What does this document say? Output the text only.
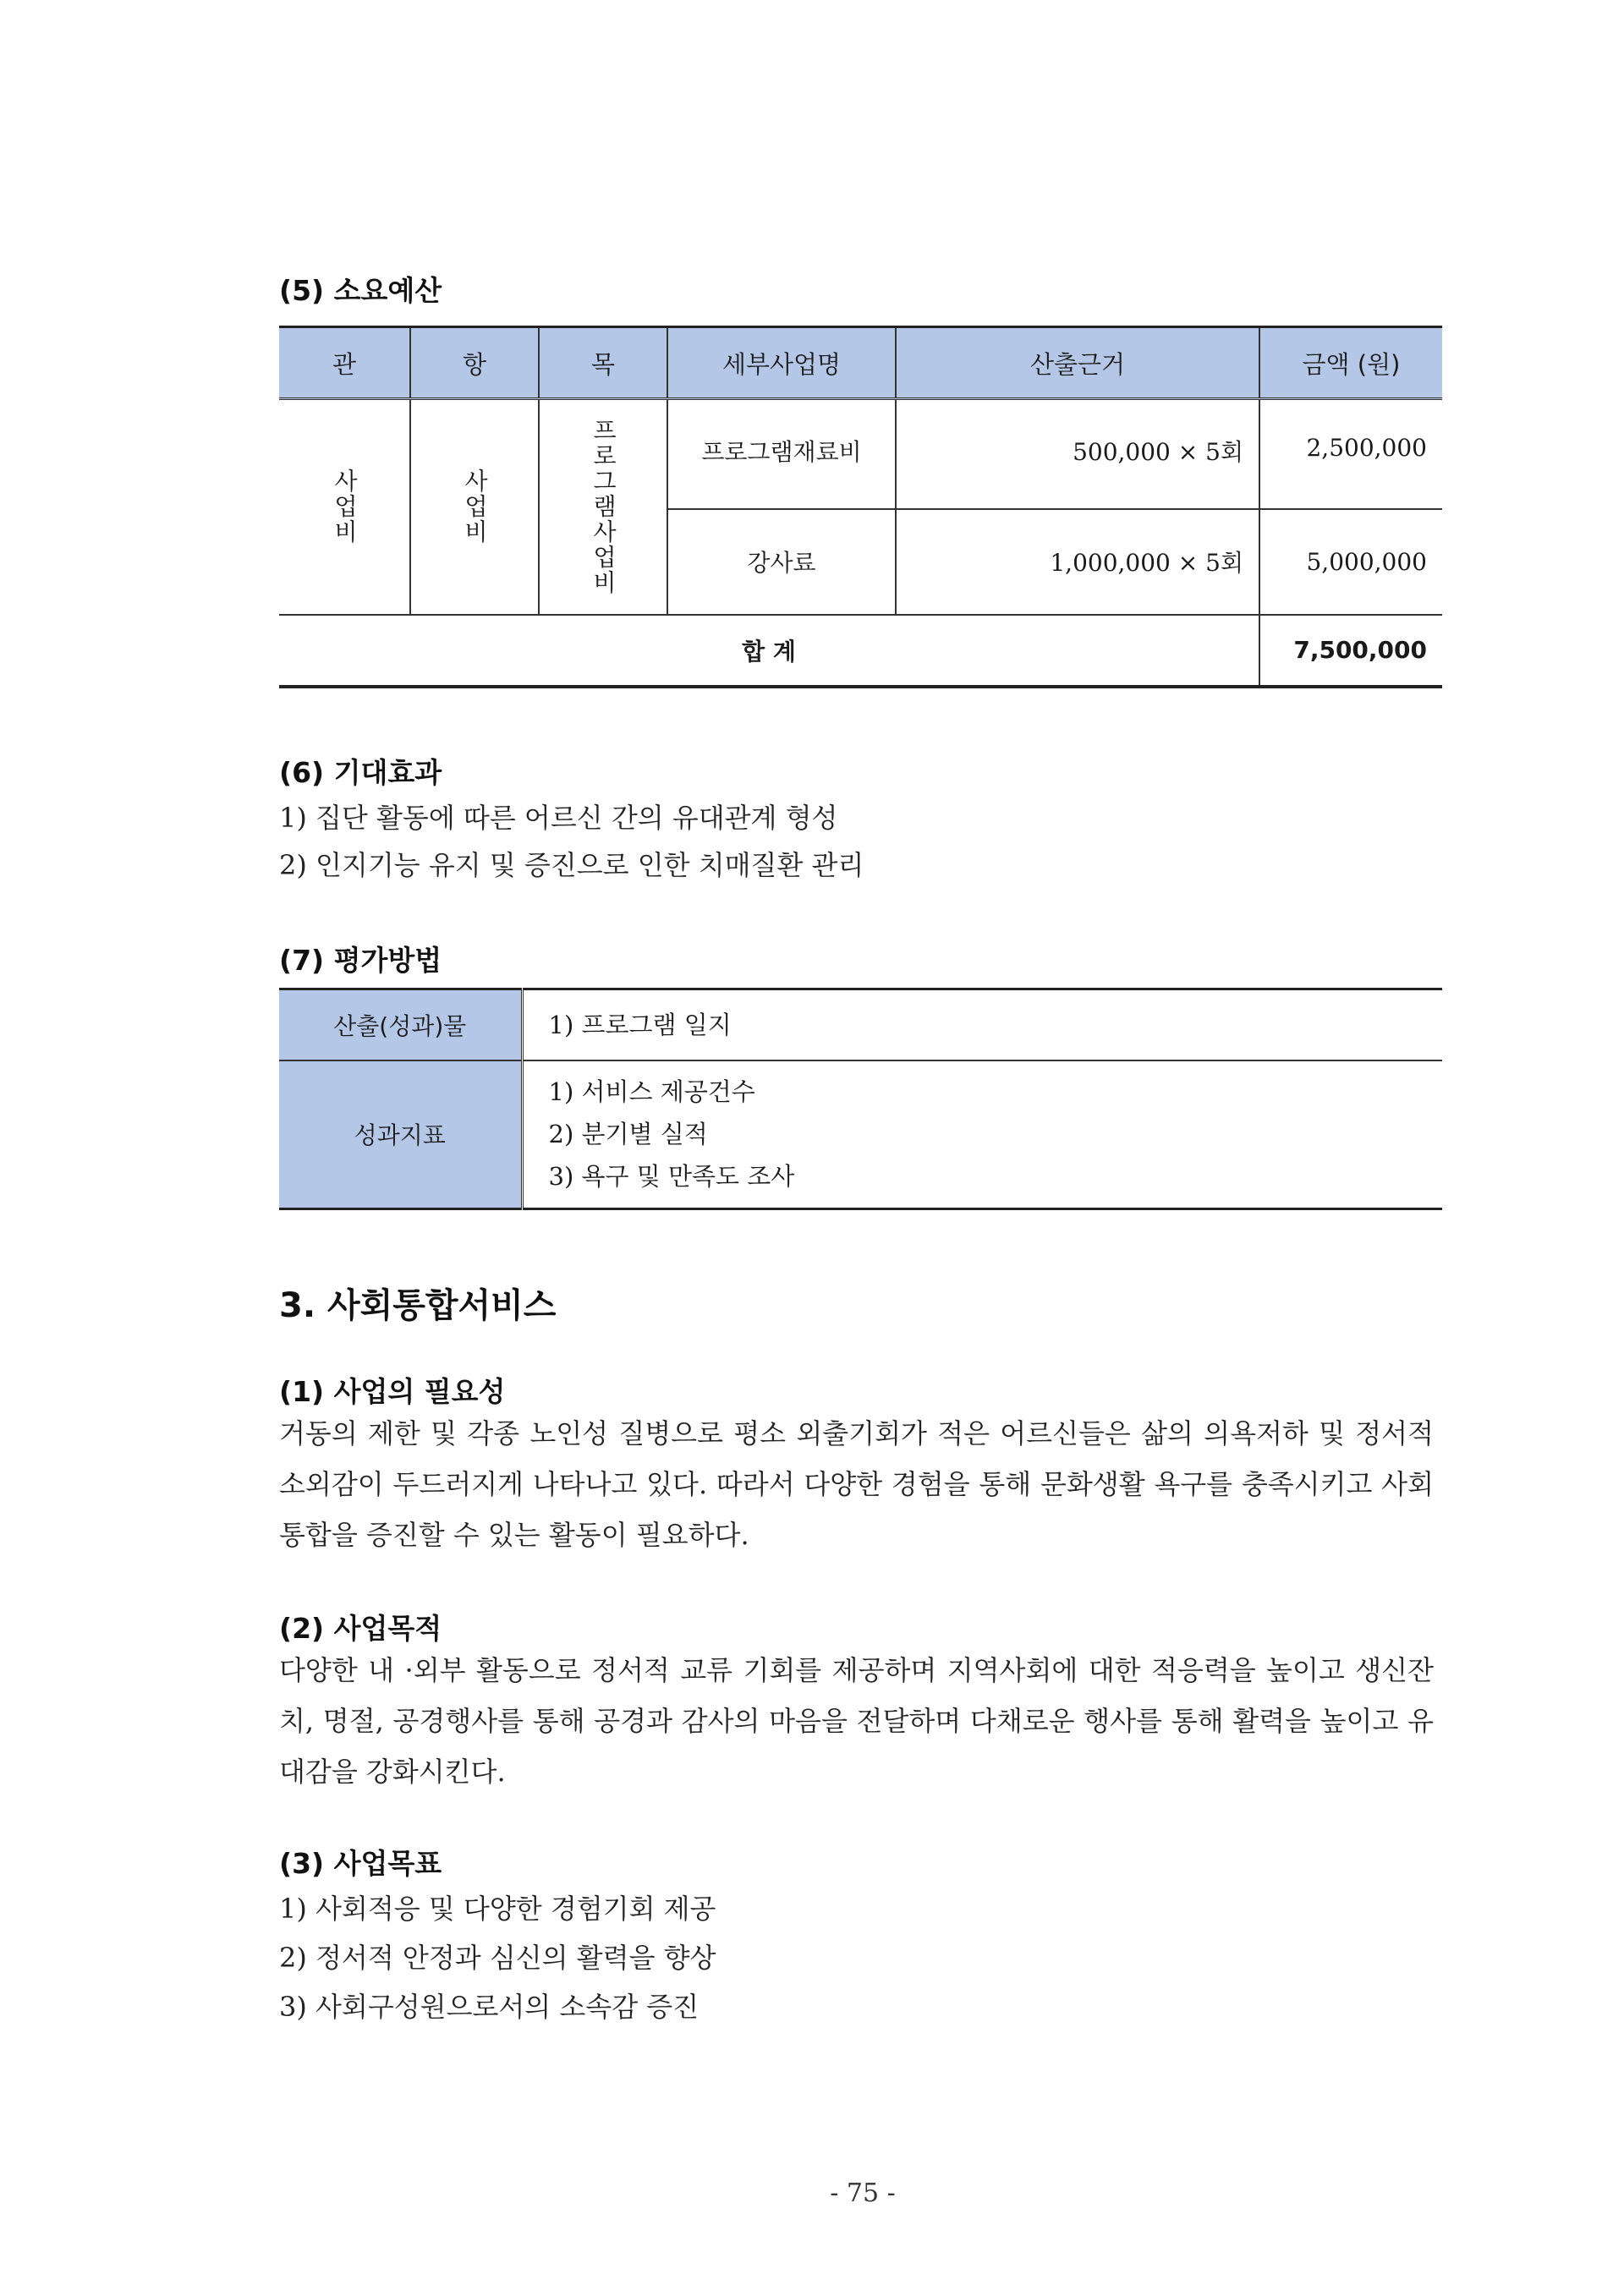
(5) 소요예산
관	항	목	세부사업명	산출근거	금액 (원)

사업비	사업비	프로그램사업비	프로그램재료비	500,000 × 5회	2,500,000
			강사료	1,000,000 × 5회	5,000,000
합 계					7,500,000
(6) 기대효과
1) 집단 활동에 따른 어르신 간의 유대관계 형성
2) 인지기능 유지 및 증진으로 인한 치매질환 관리
(7) 평가방법
산출(성과)물	1) 프로그램 일지

성과지표	1) 서비스 제공건수
2) 분기별 실적
3) 욕구 및 만족도 조사
3. 사회통합서비스
(1) 사업의 필요성
거동의 제한 및 각종 노인성 질병으로 평소 외출기회가 적은 어르신들은 삶의 의욕저하 및 정서적 소외감이 두드러지게 나타나고 있다. 따라서 다양한 경험을 통해 문화생활 욕구를 충족시키고 사회통합을 증진할 수 있는 활동이 필요하다.
(2) 사업목적
다양한 내 ·외부 활동으로 정서적 교류 기회를 제공하며 지역사회에 대한 적응력을 높이고 생신잔치, 명절, 공경행사를 통해 공경과 감사의 마음을 전달하며 다채로운 행사를 통해 활력을 높이고 유대감을 강화시킨다.
(3) 사업목표
1) 사회적응 및 다양한 경험기회 제공
2) 정서적 안정과 심신의 활력을 향상
3) 사회구성원으로서의 소속감 증진
- 75 -
